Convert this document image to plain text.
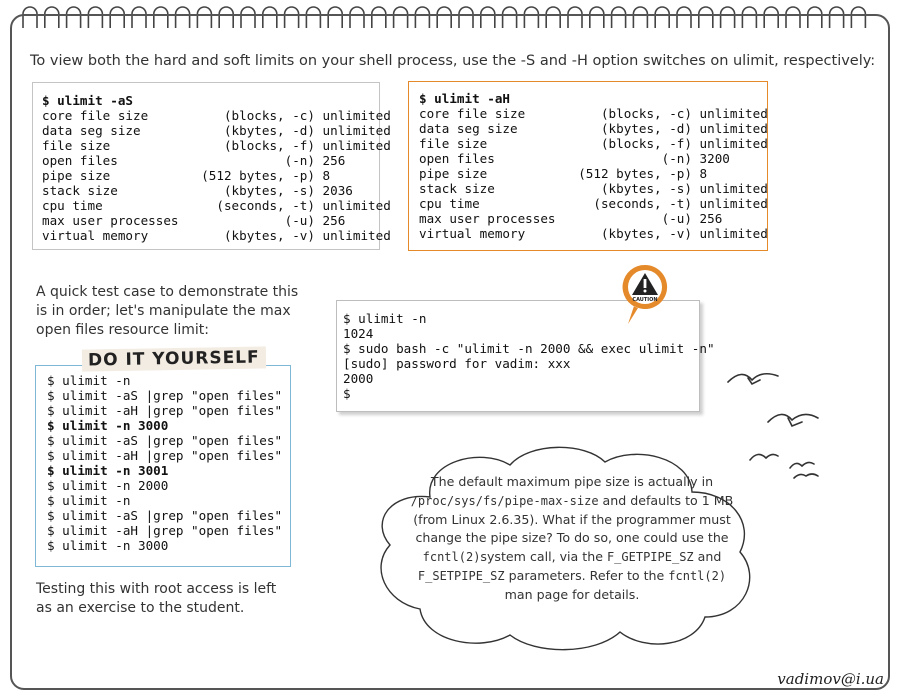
To view both the hard and soft limits on your shell process, use the -S and -H option switches on ulimit, respectively:
$ ulimit -aS
core file size          (blocks, -c) unlimited
data seg size           (kbytes, -d) unlimited
file size               (blocks, -f) unlimited
open files                      (-n) 256
pipe size            (512 bytes, -p) 8
stack size              (kbytes, -s) 2036
cpu time               (seconds, -t) unlimited
max user processes              (-u) 256
virtual memory          (kbytes, -v) unlimited
$ ulimit -aH
core file size          (blocks, -c) unlimited
data seg size           (kbytes, -d) unlimited
file size               (blocks, -f) unlimited
open files                      (-n) 3200
pipe size            (512 bytes, -p) 8
stack size              (kbytes, -s) unlimited
cpu time               (seconds, -t) unlimited
max user processes              (-u) 256
virtual memory          (kbytes, -v) unlimited
A quick test case to demonstrate this is in order; let's manipulate the max open files resource limit:
$ ulimit -n
$ ulimit -aS |grep "open files"
$ ulimit -aH |grep "open files"
$ ulimit -n 3000
$ ulimit -aS |grep "open files"
$ ulimit -aH |grep "open files"
$ ulimit -n 3001
$ ulimit -n 2000
$ ulimit -n
$ ulimit -aS |grep "open files"
$ ulimit -aH |grep "open files"
$ ulimit -n 3000
DO IT YOURSELF
Testing this with root access is left as an exercise to the student.
$ ulimit -n
1024
$ sudo bash -c "ulimit -n 2000 && exec ulimit -n"
[sudo] password for vadim: xxx
2000
$
CAUTION
The default maximum pipe size is actually in /proc/sys/fs/pipe-max-size and defaults to 1 MB (from Linux 2.6.35). What if the programmer must change the pipe size? To do so, one could use the fcntl(2)system call, via the F_GETPIPE_SZ and F_SETPIPE_SZ parameters. Refer to the fcntl(2) man page for details.
vadimov@i.ua
